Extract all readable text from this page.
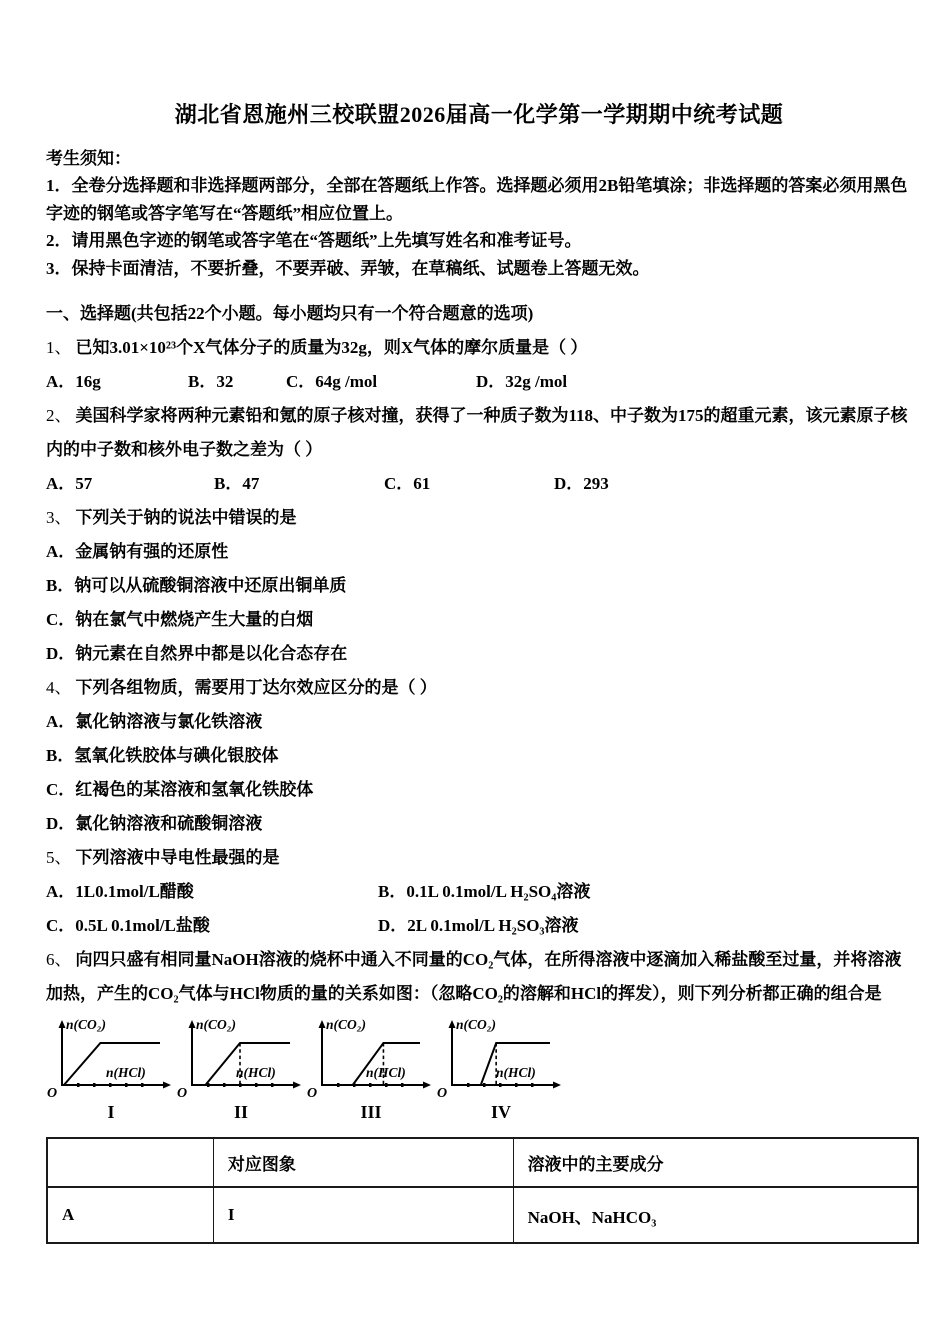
湖北省恩施州三校联盟2026届高一化学第一学期期中统考试题

考生须知：

1．全卷分选择题和非选择题两部分，全部在答题纸上作答。选择题必须用2B铅笔填涂；非选择题的答案必须用黑色字迹的钢笔或答字笔写在“答题纸”相应位置上。

2．请用黑色字迹的钢笔或答字笔在“答题纸”上先填写姓名和准考证号。

3．保持卡面清洁，不要折叠，不要弄破、弄皱，在草稿纸、试题卷上答题无效。

一、选择题(共包括22个小题。每小题均只有一个符合题意的选项)

1、 已知3.01×10²³个X气体分子的质量为32g，则X气体的摩尔质量是（ ）

A．16g	B．32	C．64g /mol	D．32g /mol

2、 美国科学家将两种元素铅和氪的原子核对撞，获得了一种质子数为118、中子数为175的超重元素，该元素原子核内的中子数和核外电子数之差为（ ）

A．57	B．47	C．61	D．293

3、 下列关于钠的说法中错误的是

A．金属钠有强的还原性

B．钠可以从硫酸铜溶液中还原出铜单质

C．钠在氯气中燃烧产生大量的白烟

D．钠元素在自然界中都是以化合态存在

4、 下列各组物质，需要用丁达尔效应区分的是（ ）

A．氯化钠溶液与氯化铁溶液

B．氢氧化铁胶体与碘化银胶体

C．红褐色的某溶液和氢氧化铁胶体

D．氯化钠溶液和硫酸铜溶液

5、 下列溶液中导电性最强的是

A．1L0.1mol/L醋酸	B．0.1L 0.1mol/L H₂SO₄溶液
C．0.5L 0.1mol/L盐酸	D．2L 0.1mol/L H₂SO₃溶液

6、 向四只盛有相同量NaOH溶液的烧杯中通入不同量的CO₂气体，在所得溶液中逐滴加入稀盐酸至过量，并将溶液加热，产生的CO₂气体与HCl物质的量的关系如图：（忽略CO₂的溶解和HCl的挥发），则下列分析都正确的组合是

n(CO₂)
n(HCl)
O
I
n(CO₂)
n(HCl)
O
II
n(CO₂)
n(HCl)
O
III
n(CO₂)
n(HCl)
O
IV
	对应图象	溶液中的主要成分
A	I	NaOH、NaHCO₃
